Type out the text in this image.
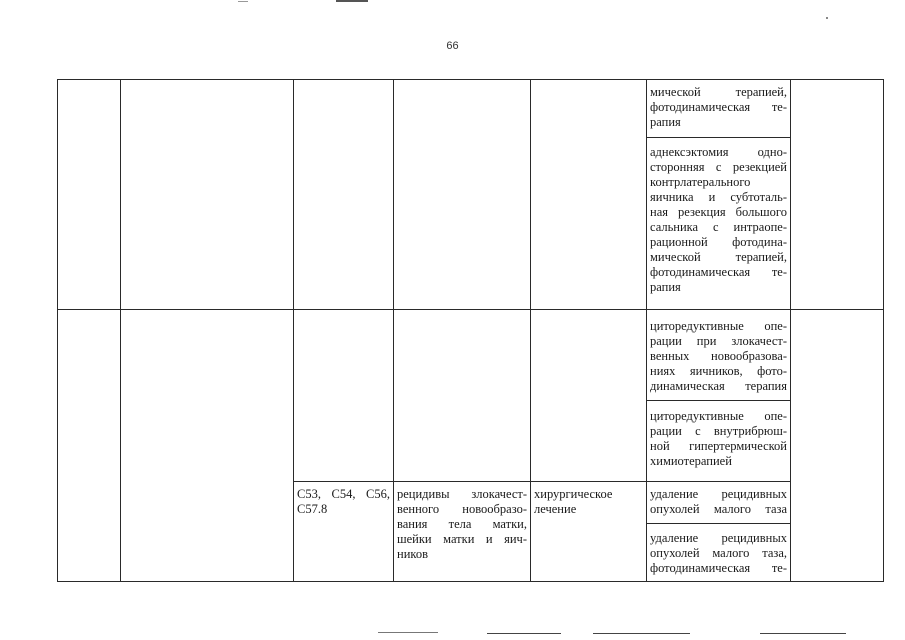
66
мической терапией,
фотодинамическая те-
рапия
аднексэктомия одно-
сторонняя с резекцией
контрлатерального
яичника и субтоталь-
ная резекция большого
сальника с интраопе-
рационной фотодина-
мической терапией,
фотодинамическая те-
рапия
циторедуктивные опе-
рации при злокачест-
венных новообразова-
ниях яичников, фото-
динамическая терапия
циторедуктивные опе-
рации с внутрибрюш-
ной гипертермической
химиотерапией
C53, C54, C56,
C57.8
рецидивы злокачест-
венного новообразо-
вания тела матки,
шейки матки и яич-
ников
хирургическое
лечение
удаление рецидивных
опухолей малого таза
удаление рецидивных
опухолей малого таза,
фотодинамическая те-
